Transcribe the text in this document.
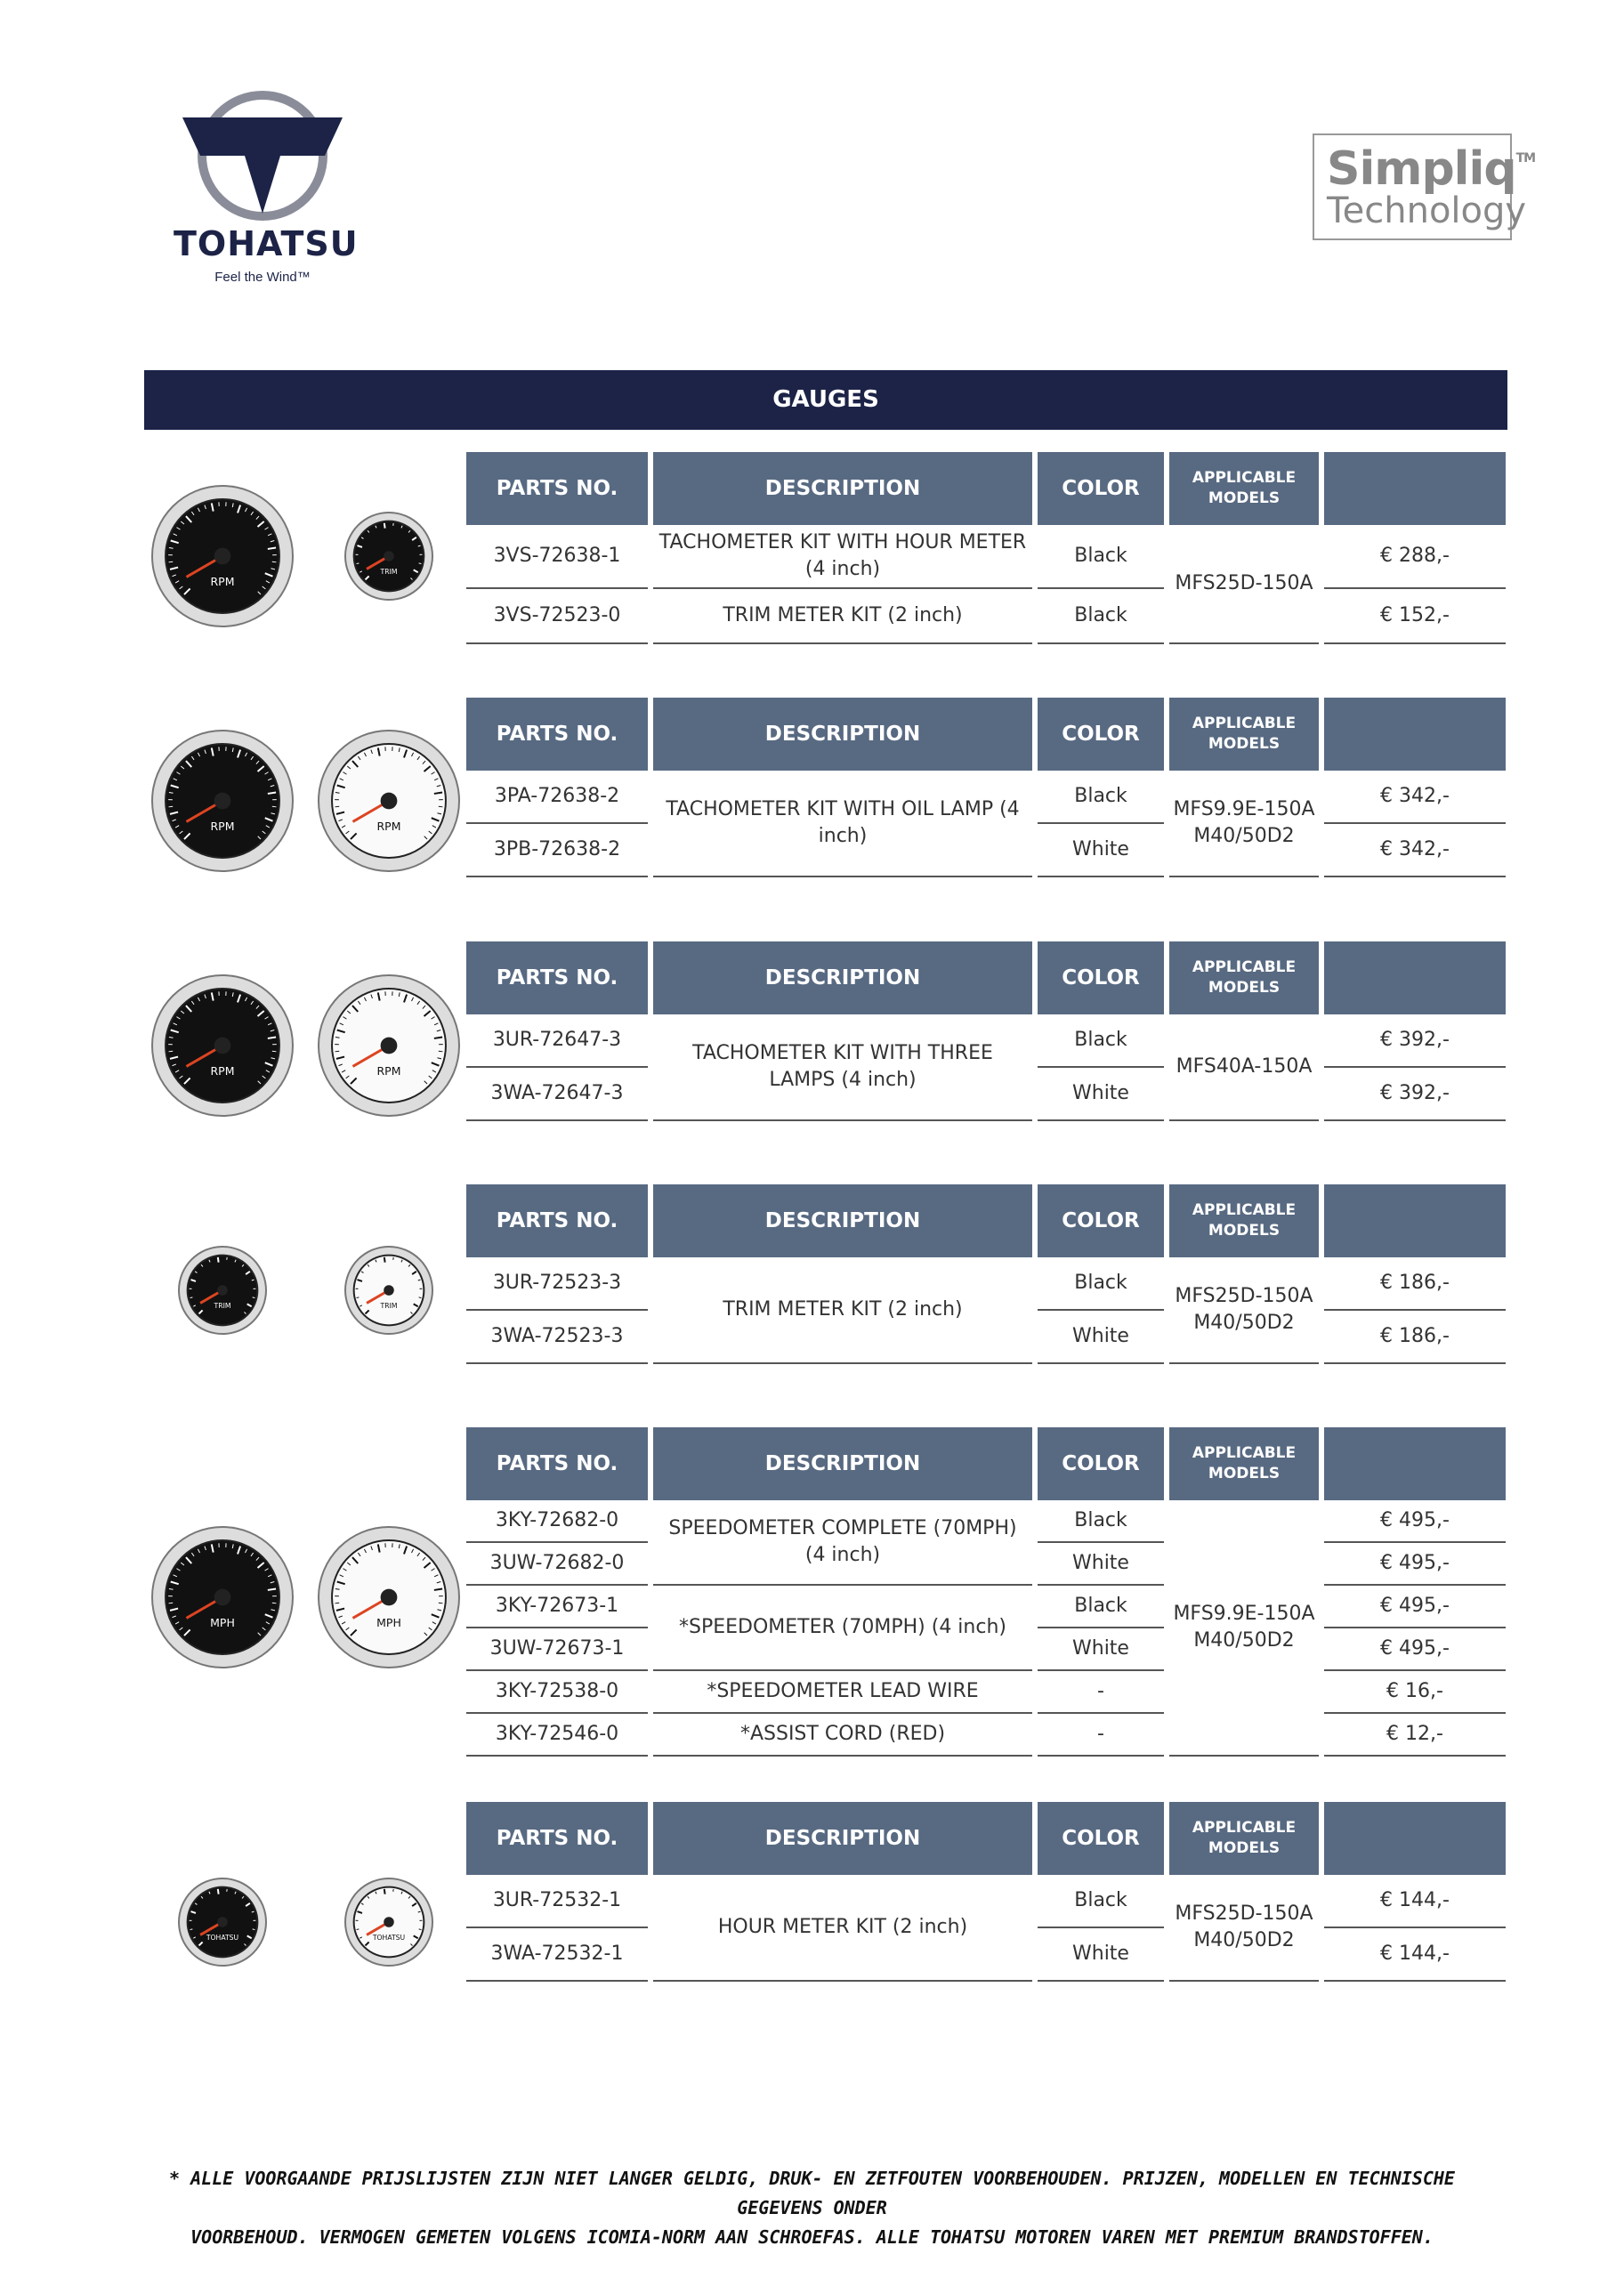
TOHATSU
Feel the Wind™
Simpliq™
Technology
GAUGES
RPM
TRIM
RPM	RPM
RPM	RPM
TRIM	TRIM
MPH	MPH
TOHATSU	TOHATSU
PARTS NO.	DESCRIPTION	COLOR	APPLICABLE
MODELS	

3VS-72638-1	TACHOMETER KIT WITH HOUR METER (4 inch)	Black	MFS25D-150A	€ 288,-
3VS-72523-0	TRIM METER KIT (2 inch)	Black		€ 152,-
PARTS NO.	DESCRIPTION	COLOR	APPLICABLE
MODELS	

3PA-72638-2	TACHOMETER KIT WITH OIL LAMP (4 inch)	Black	MFS9.9E-150A M40/50D2	€ 342,-
3PB-72638-2		White		€ 342,-
PARTS NO.	DESCRIPTION	COLOR	APPLICABLE
MODELS	

3UR-72647-3	TACHOMETER KIT WITH THREE LAMPS (4 inch)	Black	MFS40A-150A	€ 392,-
3WA-72647-3		White		€ 392,-
PARTS NO.	DESCRIPTION	COLOR	APPLICABLE
MODELS	

3UR-72523-3	TRIM METER KIT (2 inch)	Black	MFS25D-150A M40/50D2	€ 186,-
3WA-72523-3		White		€ 186,-
PARTS NO.	DESCRIPTION	COLOR	APPLICABLE
MODELS	

3KY-72682-0	SPEEDOMETER COMPLETE (70MPH) (4 inch)	Black	MFS9.9E-150A M40/50D2	€ 495,-
3UW-72682-0		White		€ 495,-
3KY-72673-1	*SPEEDOMETER (70MPH) (4 inch)	Black		€ 495,-
3UW-72673-1		White		€ 495,-
3KY-72538-0	*SPEEDOMETER LEAD WIRE	-		€ 16,-
3KY-72546-0	*ASSIST CORD (RED)	-		€ 12,-
PARTS NO.	DESCRIPTION	COLOR	APPLICABLE
MODELS	

3UR-72532-1	HOUR METER KIT (2 inch)	Black	MFS25D-150A M40/50D2	€ 144,-
3WA-72532-1		White		€ 144,-
* ALLE VOORGAANDE PRIJSLIJSTEN ZIJN NIET LANGER GELDIG, DRUK- EN ZETFOUTEN VOORBEHOUDEN. PRIJZEN, MODELLEN EN TECHNISCHE GEGEVENS ONDER
VOORBEHOUD. VERMOGEN GEMETEN VOLGENS ICOMIA-NORM AAN SCHROEFAS. ALLE TOHATSU MOTOREN VAREN MET PREMIUM BRANDSTOFFEN.
